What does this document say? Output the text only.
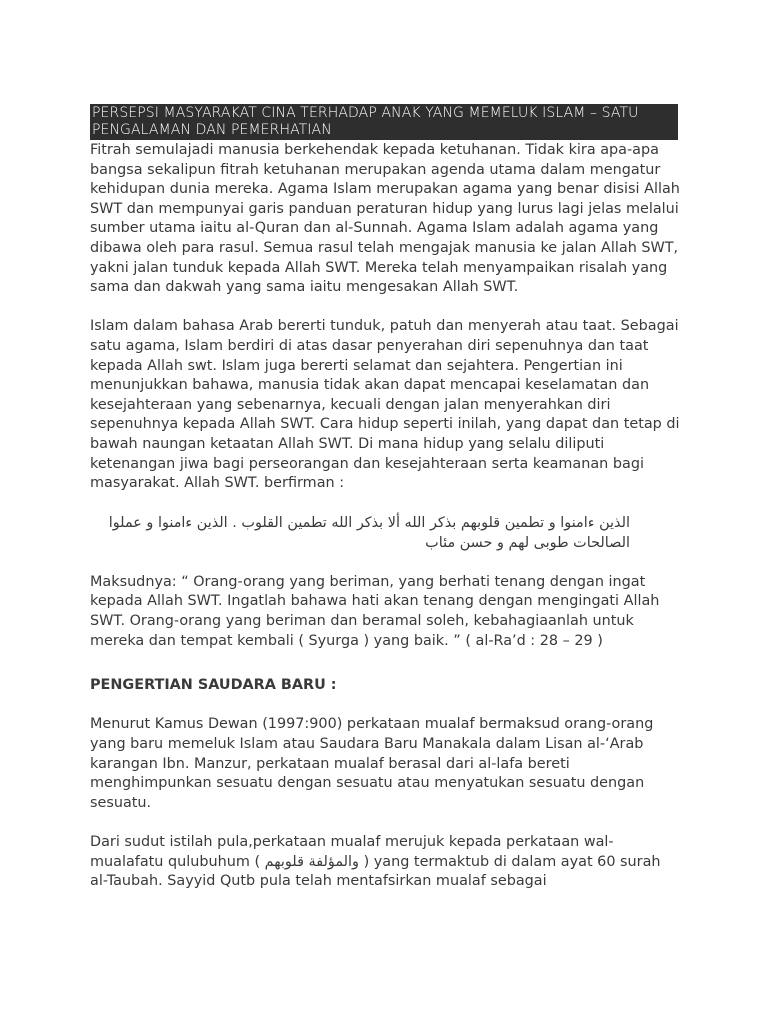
PERSEPSI MASYARAKAT CINA TERHADAP ANAK YANG MEMELUK ISLAM – SATU PENGALAMAN DAN PEMERHATIAN

Fitrah semulajadi manusia berkehendak kepada ketuhanan. Tidak kira apa-apa bangsa sekalipun fitrah ketuhanan merupakan agenda utama dalam mengatur kehidupan dunia mereka. Agama Islam merupakan agama yang benar disisi Allah SWT dan mempunyai garis panduan peraturan hidup yang lurus lagi jelas melalui sumber utama iaitu al-Quran dan al-Sunnah. Agama Islam adalah agama yang dibawa oleh para rasul. Semua rasul telah mengajak manusia ke jalan Allah SWT, yakni jalan tunduk kepada Allah SWT. Mereka telah menyampaikan risalah yang sama dan dakwah yang sama iaitu mengesakan Allah SWT.

Islam dalam bahasa Arab bererti tunduk, patuh dan menyerah atau taat. Sebagai satu agama, Islam berdiri di atas dasar penyerahan diri sepenuhnya dan taat kepada Allah swt. Islam juga bererti selamat dan sejahtera. Pengertian ini menunjukkan bahawa, manusia tidak akan dapat mencapai keselamatan dan kesejahteraan yang sebenarnya, kecuali dengan jalan menyerahkan diri sepenuhnya kepada Allah SWT. Cara hidup seperti inilah, yang dapat dan tetap di bawah naungan ketaatan Allah SWT. Di mana hidup yang selalu diliputi ketenangan jiwa bagi perseorangan dan kesejahteraan serta keamanan bagi masyarakat. Allah SWT. berfirman :

الذين ءامنوا و تطمين قلوبهم بذكر الله ألا بذكر الله تطمين القلوب . الذين ءامنوا و عملوا الصالحات طوبى لهم و حسن مئاب

Maksudnya: “ Orang-orang yang beriman, yang berhati tenang dengan ingat kepada Allah SWT. Ingatlah bahawa hati akan tenang dengan mengingati Allah SWT. Orang-orang yang beriman dan beramal soleh, kebahagiaanlah untuk mereka dan tempat kembali ( Syurga ) yang baik. ” ( al-Ra’d : 28 – 29 )

PENGERTIAN SAUDARA BARU :

Menurut Kamus Dewan (1997:900) perkataan mualaf bermaksud orang-orang yang baru memeluk Islam atau Saudara Baru Manakala dalam Lisan al-‘Arab karangan Ibn. Manzur, perkataan mualaf berasal dari al-lafa bereti menghimpunkan sesuatu dengan sesuatu atau menyatukan sesuatu dengan sesuatu.

Dari sudut istilah pula,perkataan mualaf merujuk kepada perkataan wal-mualafatu qulubuhum ( والمؤلفة قلوبهم ) yang termaktub di dalam ayat 60 surah al-Taubah. Sayyid Qutb pula telah mentafsirkan mualaf sebagai
